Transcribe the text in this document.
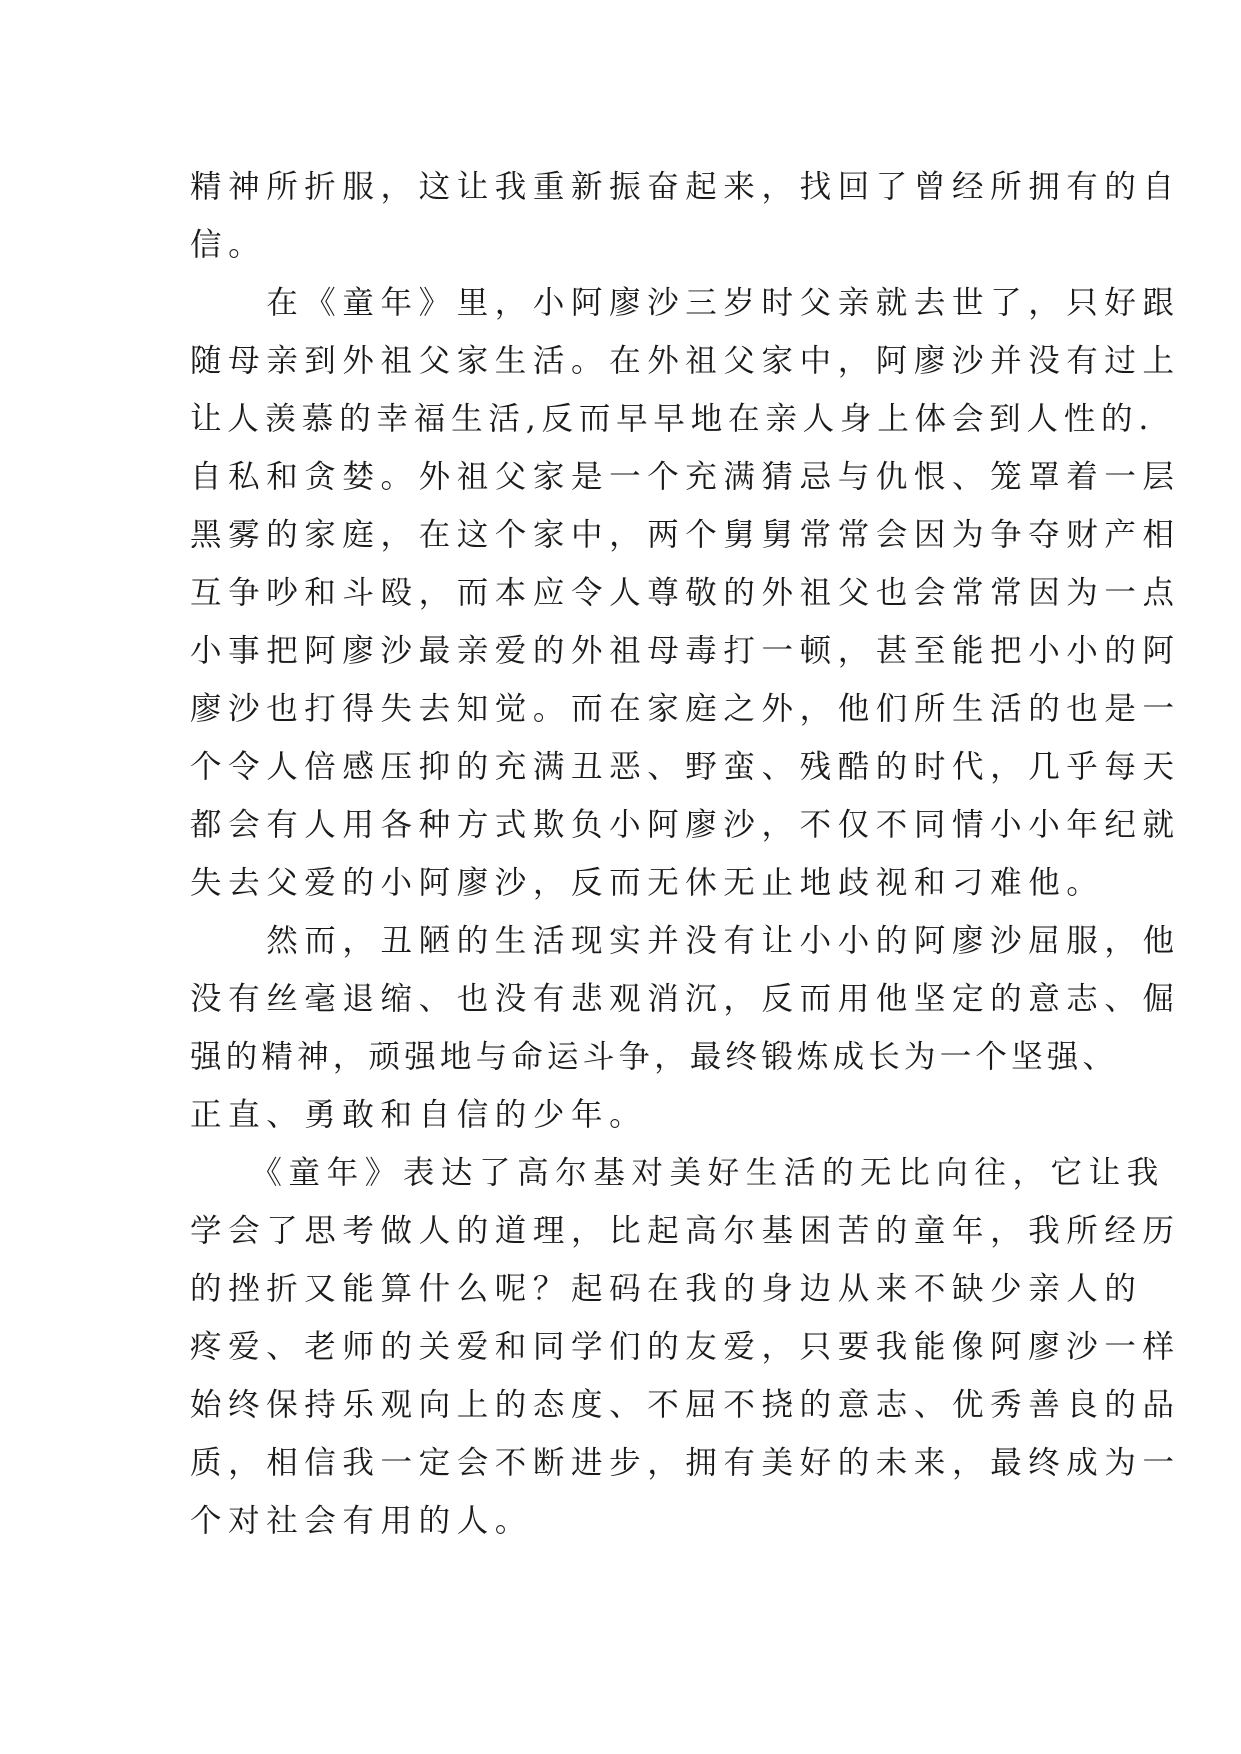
精神所折服，这让我重新振奋起来，找回了曾经所拥有的自
信。
　　在《童年》里，小阿廖沙三岁时父亲就去世了，只好跟
随母亲到外祖父家生活。在外祖父家中，阿廖沙并没有过上
让人羡慕的幸福生活,反而早早地在亲人身上体会到人性的.
自私和贪婪。外祖父家是一个充满猜忌与仇恨、笼罩着一层
黑雾的家庭，在这个家中，两个舅舅常常会因为争夺财产相
互争吵和斗殴，而本应令人尊敬的外祖父也会常常因为一点
小事把阿廖沙最亲爱的外祖母毒打一顿，甚至能把小小的阿
廖沙也打得失去知觉。而在家庭之外，他们所生活的也是一
个令人倍感压抑的充满丑恶、野蛮、残酷的时代，几乎每天
都会有人用各种方式欺负小阿廖沙，不仅不同情小小年纪就
失去父爱的小阿廖沙，反而无休无止地歧视和刁难他。
　　然而，丑陋的生活现实并没有让小小的阿廖沙屈服，他
没有丝毫退缩、也没有悲观消沉，反而用他坚定的意志、倔
强的精神，顽强地与命运斗争，最终锻炼成长为一个坚强、
正直、勇敢和自信的少年。
　　《童年》表达了高尔基对美好生活的无比向往，它让我
学会了思考做人的道理，比起高尔基困苦的童年，我所经历
的挫折又能算什么呢？起码在我的身边从来不缺少亲人的
疼爱、老师的关爱和同学们的友爱，只要我能像阿廖沙一样
始终保持乐观向上的态度、不屈不挠的意志、优秀善良的品
质，相信我一定会不断进步，拥有美好的未来，最终成为一
个对社会有用的人。
